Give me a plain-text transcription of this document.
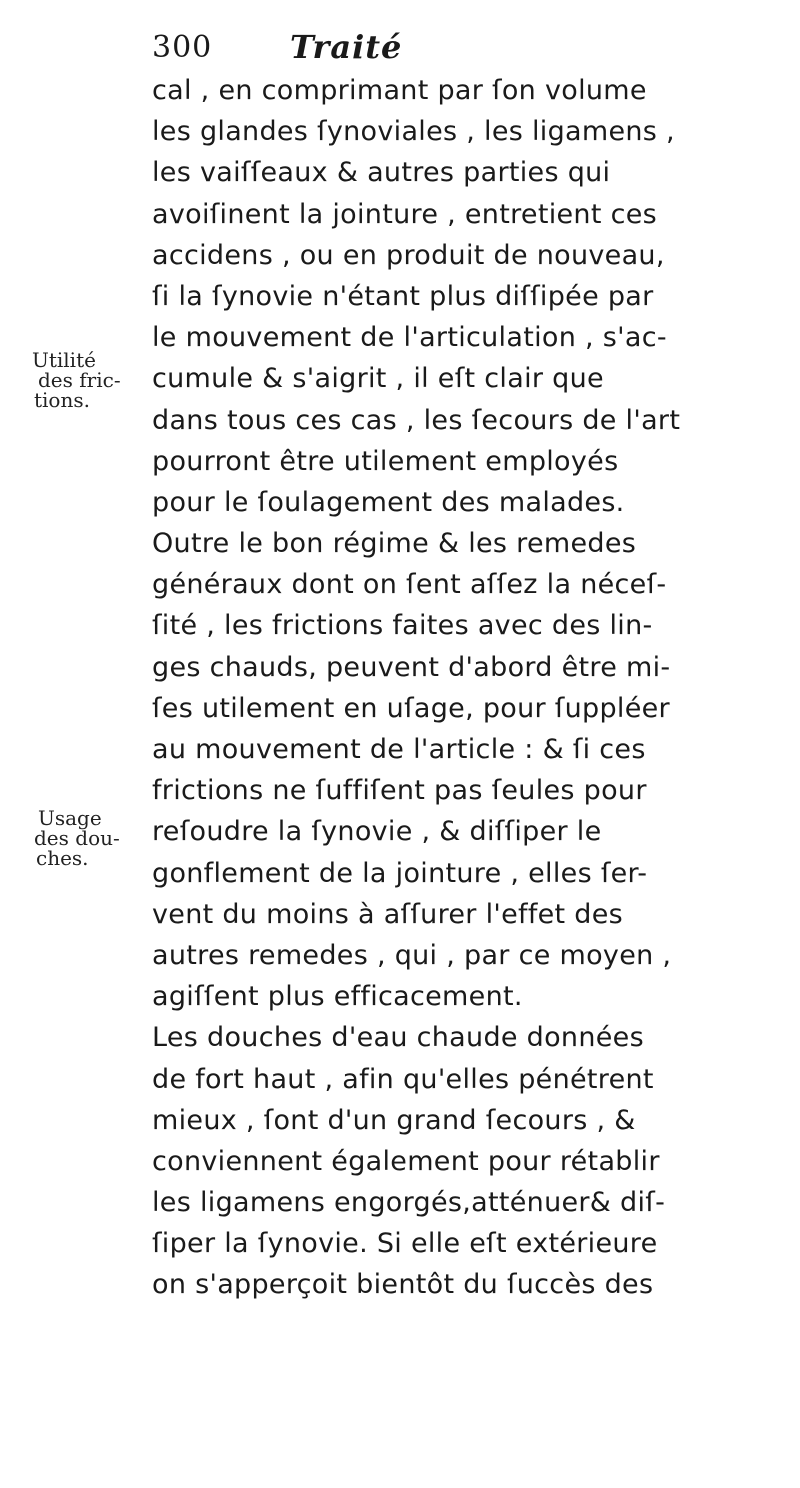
300 Traité
Utilité
des fric-
tions.
Usage
des dou-
ches.
cal , en comprimant par ſon volume
les glandes ſynoviales , les ligamens ,
les vaiſſeaux & autres parties qui
avoiſinent la jointure , entretient ces
accidens , ou en produit de nouveau,
ſi la ſynovie n'étant plus diſſipée par
le mouvement de l'articulation , s'ac-
cumule & s'aigrit , il eſt clair que
dans tous ces cas , les ſecours de l'art
pourront être utilement employés
pour le ſoulagement des malades.
Outre le bon régime & les remedes
généraux dont on ſent aſſez la néceſ-
ſité , les frictions faites avec des lin-
ges chauds, peuvent d'abord être mi-
ſes utilement en uſage, pour ſuppléer
au mouvement de l'article : & ſi ces
frictions ne ſuffiſent pas ſeules pour
reſoudre la ſynovie , & diſſiper le
gonflement de la jointure , elles ſer-
vent du moins à aſſurer l'effet des
autres remedes , qui , par ce moyen ,
agiſſent plus efficacement.
Les douches d'eau chaude données
de fort haut , afin qu'elles pénétrent
mieux , ſont d'un grand ſecours , &
conviennent également pour rétablir
les ligamens engorgés,atténuer& diſ-
ſiper la ſynovie. Si elle eſt extérieure
on s'apperçoit bientôt du ſuccès des
